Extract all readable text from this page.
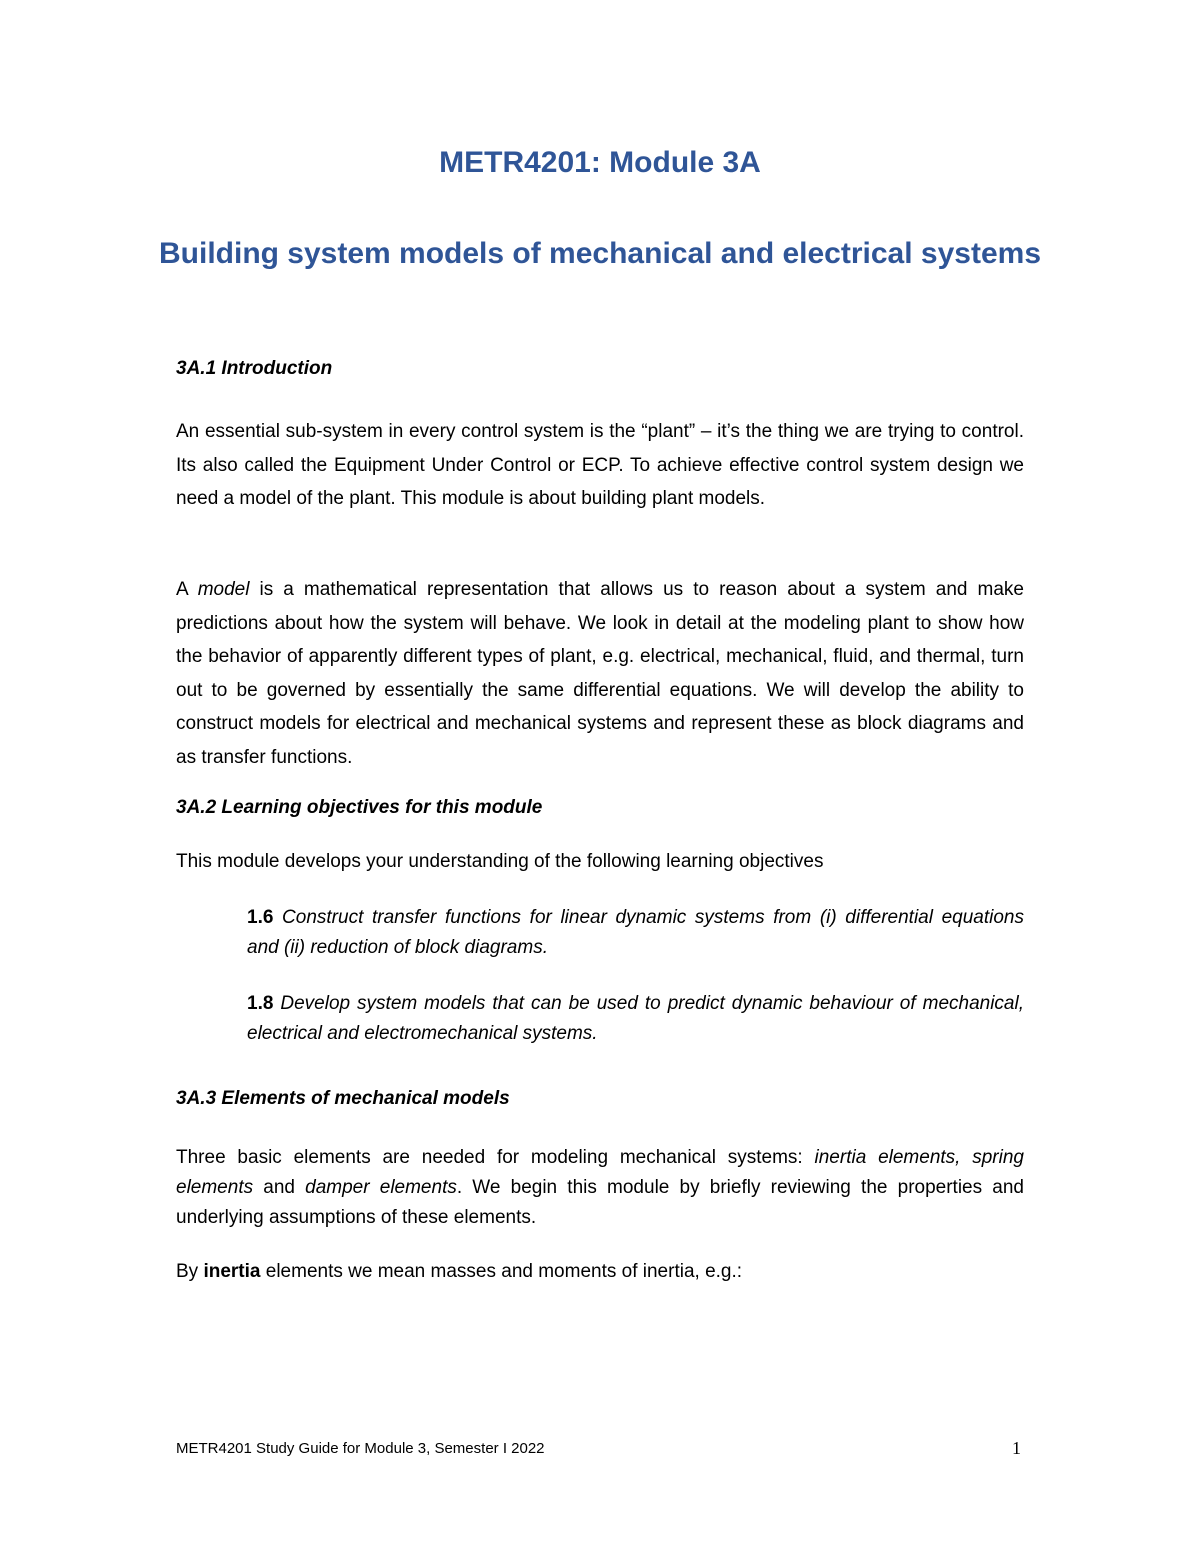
METR4201: Module 3A
Building system models of mechanical and electrical systems
3A.1 Introduction

An essential sub-system in every control system is the “plant” – it’s the thing we are trying to control. Its also called the Equipment Under Control or ECP. To achieve effective control system design we need a model of the plant. This module is about building plant models.

A model is a mathematical representation that allows us to reason about a system and make predictions about how the system will behave. We look in detail at the modeling plant to show how the behavior of apparently different types of plant, e.g. electrical, mechanical, fluid, and thermal, turn out to be governed by essentially the same differential equations. We will develop the ability to construct models for electrical and mechanical systems and represent these as block diagrams and as transfer functions.

3A.2 Learning objectives for this module

This module develops your understanding of the following learning objectives

1.6 Construct transfer functions for linear dynamic systems from (i) differential equations and (ii) reduction of block diagrams.

1.8 Develop system models that can be used to predict dynamic behaviour of mechanical, electrical and electromechanical systems.

3A.3 Elements of mechanical models

Three basic elements are needed for modeling mechanical systems: inertia elements, spring elements and damper elements. We begin this module by briefly reviewing the properties and underlying assumptions of these elements.

By inertia elements we mean masses and moments of inertia, e.g.:

METR4201 Study Guide for Module 3, Semester I 2022	1
